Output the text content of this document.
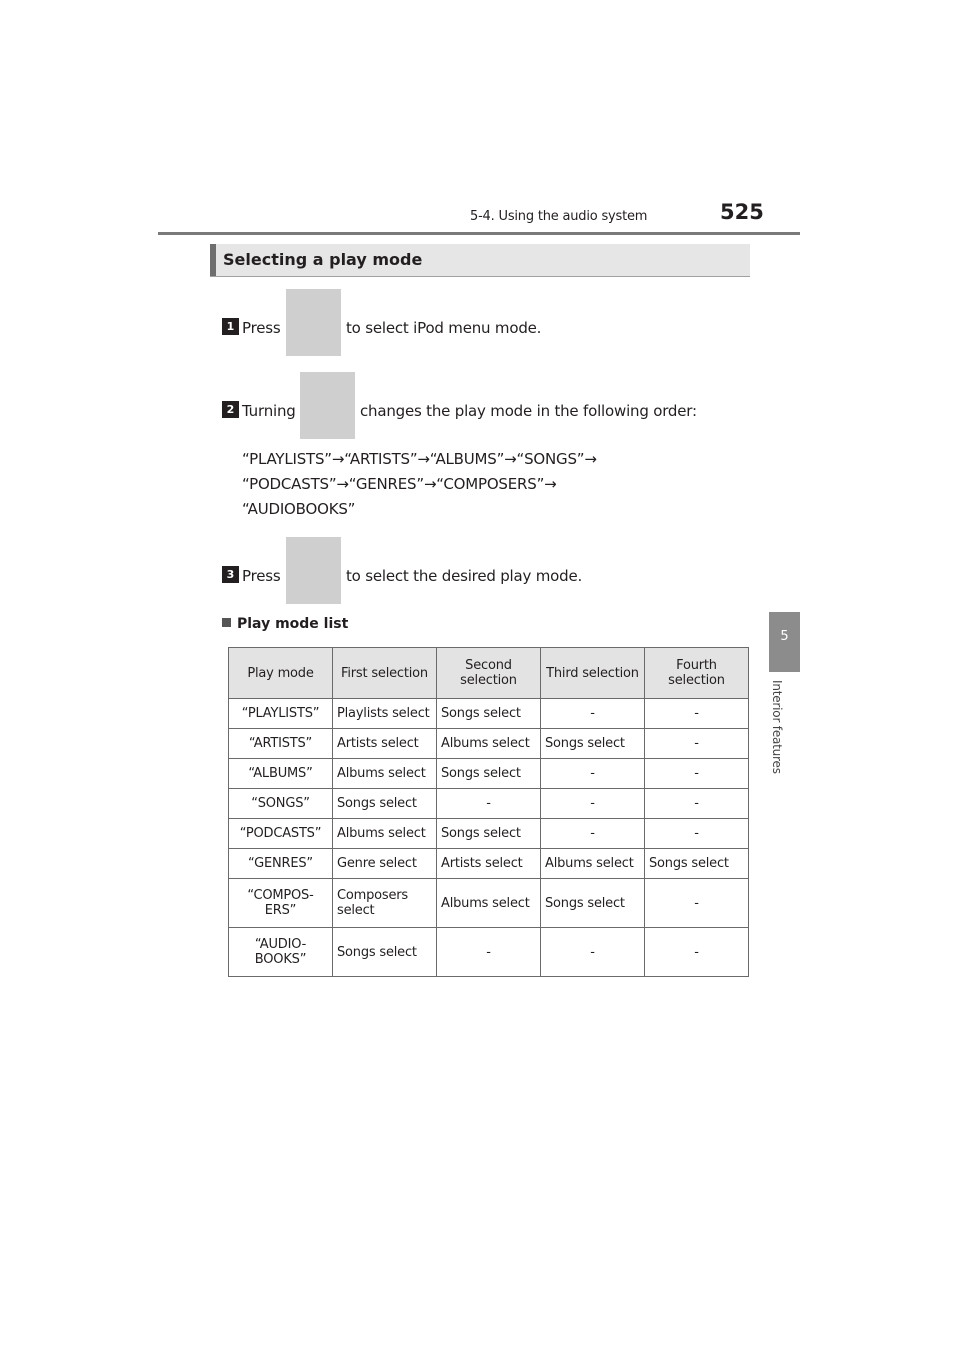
5-4. Using the audio system	525
5
Interior features
Selecting a play mode
1 Press	to select iPod menu mode.
2 Turning	changes the play mode in the following order:
“PLAYLISTS”→“ARTISTS”→“ALBUMS”→“SONGS”→
“PODCASTS”→“GENRES”→“COMPOSERS”→
“AUDIOBOOKS”
3 Press	to select the desired play mode.
Play mode list
Play mode	First selection	Second selection	Third selection	Fourth selection
“PLAYLISTS”	Playlists select	Songs select	-	-
“ARTISTS”	Artists select	Albums select	Songs select	-
“ALBUMS”	Albums select	Songs select	-	-
“SONGS”	Songs select	-	-	-
“PODCASTS”	Albums select	Songs select	-	-
“GENRES”	Genre select	Artists select	Albums select	Songs select
“COMPOS-ERS”	Composers select	Albums select	Songs select	-
“AUDIO-BOOKS”	Songs select	-	-	-
